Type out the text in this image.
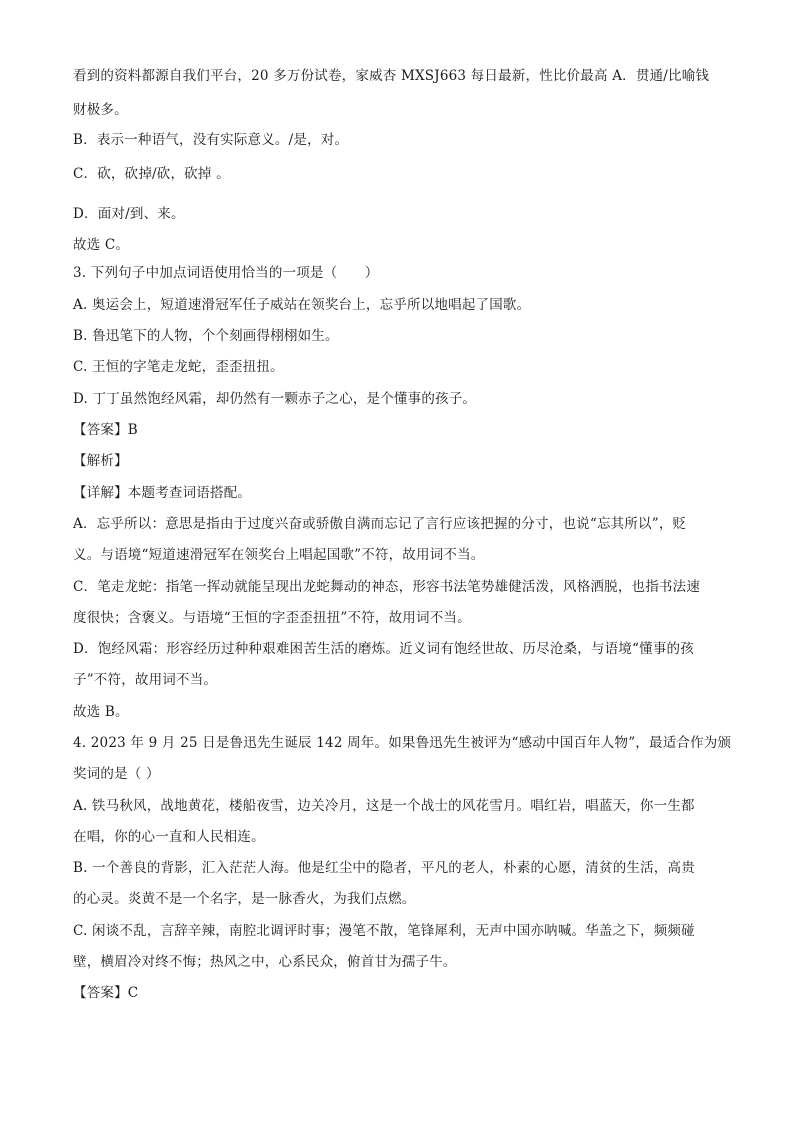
看到的资料都源自我们平台，20 多万份试卷，家威杏 MXSJ663 每日最新，性比价最高 A．贯通/比喻钱
财极多。
B．表示一种语气，没有实际意义。/是，对。
C．砍，砍掉/砍，砍掉 。
D．面对/到、来。
故选 C。
3. 下列句子中加点词语使用恰当的一项是（　　）
A. 奥运会上，短道速滑冠军任子威站在领奖台上，忘乎所以地唱起了国歌。
B. 鲁迅笔下的人物，个个刻画得栩栩如生。
C. 王恒的字笔走龙蛇，歪歪扭扭。
D. 丁丁虽然饱经风霜，却仍然有一颗赤子之心，是个懂事的孩子。
【答案】B
【解析】
【详解】本题考查词语搭配。
A．忘乎所以：意思是指由于过度兴奋或骄傲自满而忘记了言行应该把握的分寸，也说“忘其所以”，贬
义。与语境“短道速滑冠军在领奖台上唱起国歌”不符，故用词不当。
C．笔走龙蛇：指笔一挥动就能呈现出龙蛇舞动的神态，形容书法笔势雄健活泼，风格洒脱，也指书法速
度很快；含褒义。与语境“王恒的字歪歪扭扭”不符，故用词不当。
D．饱经风霜：形容经历过种种艰难困苦生活的磨炼。近义词有饱经世故、历尽沧桑，与语境“懂事的孩
子”不符，故用词不当。
故选 B。
4. 2023 年 9 月 25 日是鲁迅先生诞辰 142 周年。如果鲁迅先生被评为“感动中国百年人物”，最适合作为颁
奖词的是（ ）
A. 铁马秋风，战地黄花，楼船夜雪，边关冷月，这是一个战士的风花雪月。唱红岩，唱蓝天，你一生都
在唱，你的心一直和人民相连。
B. 一个善良的背影，汇入茫茫人海。他是红尘中的隐者，平凡的老人，朴素的心愿，清贫的生活，高贵
的心灵。炎黄不是一个名字，是一脉香火，为我们点燃。
C. 闲谈不乱，言辞辛辣，南腔北调评时事；漫笔不散，笔锋犀利，无声中国亦呐喊。华盖之下，频频碰
壁，横眉冷对终不悔；热风之中，心系民众，俯首甘为孺子牛。
【答案】C
